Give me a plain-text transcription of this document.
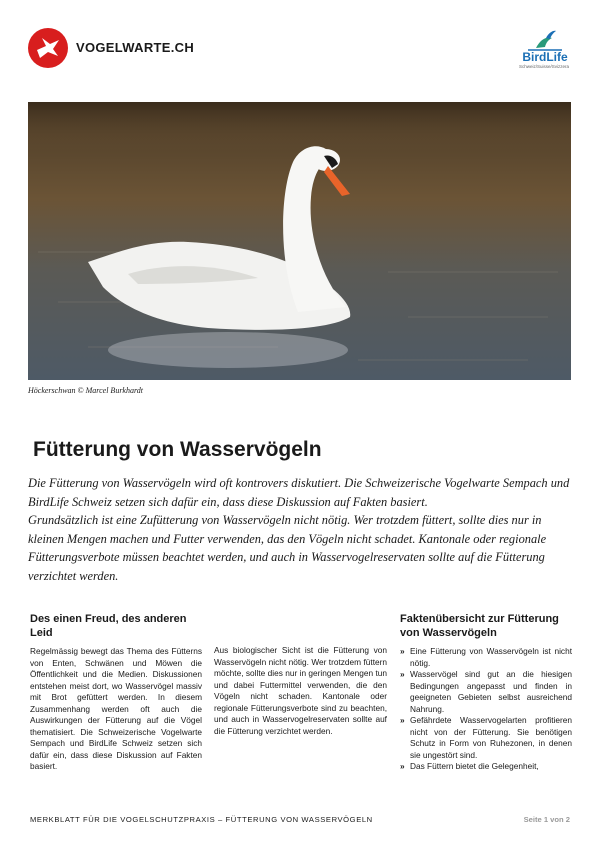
VOGELWARTE.CH
BirdLife
Schweiz/Suisse/Svizzera
Höckerschwan © Marcel Burkhardt
Fütterung von Wasservögeln

Die Fütterung von Wasservögeln wird oft kontrovers diskutiert. Die Schweizerische Vogelwarte Sempach und BirdLife Schweiz setzen sich dafür ein, dass diese Diskussion auf Fakten basiert.

Grundsätzlich ist eine Zufütterung von Wasservögeln nicht nötig. Wer trotzdem füttert, sollte dies nur in kleinen Mengen machen und Futter verwenden, das den Vögeln nicht schadet. Kantonale oder regionale Fütterungsverbote müssen beachtet werden, und auch in Wasservogelreservaten sollte auf die Fütterung verzichtet werden.

Des einen Freud, des anderen Leid
Regelmässig bewegt das Thema des Fütterns von Enten, Schwänen und Möwen die Öffentlichkeit und die Medien. Diskussionen entstehen meist dort, wo Wasservögel massiv mit Brot gefüttert werden. In diesem Zusammenhang werden oft auch die Auswirkungen der Fütterung auf die Vögel thematisiert. Die Schweizerische Vogelwarte Sempach und BirdLife Schweiz setzen sich dafür ein, dass diese Diskussion auf Fakten basiert.
Aus biologischer Sicht ist die Fütterung von Wasservögeln nicht nötig. Wer trotzdem füttern möchte, sollte dies nur in geringen Mengen tun und dabei Futtermittel verwenden, die den Vögeln nicht schaden. Kantonale oder regionale Fütterungsverbote sind zu beachten, und auch in Wasservogelreservaten sollte auf die Fütterung verzichtet werden.
Faktenübersicht zur Fütterung von Wasservögeln
» Eine Fütterung von Wasservögeln ist nicht nötig.
» Wasservögel sind gut an die hiesigen Bedingungen angepasst und finden in geeigneten Gebieten selbst ausreichend Nahrung.
» Gefährdete Wasservogelarten profitieren nicht von der Fütterung. Sie benötigen Schutz in Form von Ruhezonen, in denen sie ungestört sind.
» Das Füttern bietet die Gelegenheit,
MERKBLATT FÜR DIE VOGELSCHUTZPRAXIS – FÜTTERUNG VON WASSERVÖGELN	Seite 1 von 2
